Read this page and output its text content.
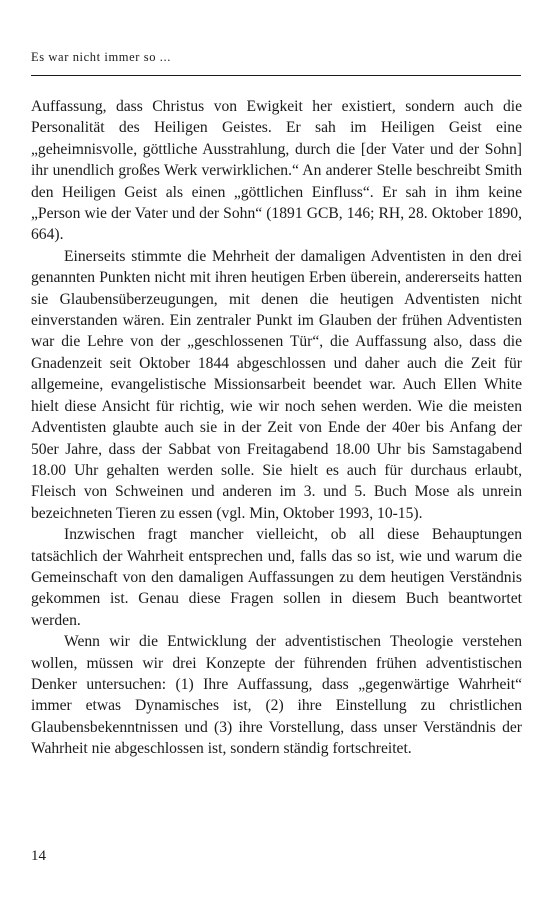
Es war nicht immer so ...

Auffassung, dass Christus von Ewigkeit her existiert, sondern auch die Personalität des Heiligen Geistes. Er sah im Heiligen Geist eine „geheimnisvolle, göttliche Ausstrahlung, durch die [der Vater und der Sohn] ihr unendlich großes Werk verwirklichen.“ An anderer Stelle beschreibt Smith den Heiligen Geist als einen „göttlichen Einfluss“. Er sah in ihm keine „Person wie der Vater und der Sohn“ (1891 GCB, 146; RH, 28. Oktober 1890, 664).

Einerseits stimmte die Mehrheit der damaligen Adventisten in den drei genannten Punkten nicht mit ihren heutigen Erben überein, andererseits hatten sie Glaubensüberzeugungen, mit denen die heutigen Adventisten nicht einverstanden wären. Ein zentraler Punkt im Glauben der frühen Adventisten war die Lehre von der „geschlossenen Tür“, die Auffassung also, dass die Gnadenzeit seit Oktober 1844 abgeschlossen und daher auch die Zeit für allgemeine, evangelistische Missionsarbeit beendet war. Auch Ellen White hielt diese Ansicht für richtig, wie wir noch sehen werden. Wie die meisten Adventisten glaubte auch sie in der Zeit von Ende der 40er bis Anfang der 50er Jahre, dass der Sabbat von Freitagabend 18.00 Uhr bis Samstagabend 18.00 Uhr gehalten werden solle. Sie hielt es auch für durchaus erlaubt, Fleisch von Schweinen und anderen im 3. und 5. Buch Mose als unrein bezeichneten Tieren zu essen (vgl. Min, Oktober 1993, 10-15).

Inzwischen fragt mancher vielleicht, ob all diese Behauptungen tatsächlich der Wahrheit entsprechen und, falls das so ist, wie und warum die Gemeinschaft von den damaligen Auffassungen zu dem heutigen Verständnis gekommen ist. Genau diese Fragen sollen in diesem Buch beantwortet werden.

Wenn wir die Entwicklung der adventistischen Theologie verstehen wollen, müssen wir drei Konzepte der führenden frühen adventistischen Denker untersuchen: (1) Ihre Auffassung, dass „gegenwärtige Wahrheit“ immer etwas Dynamisches ist, (2) ihre Einstellung zu christlichen Glaubensbekenntnissen und (3) ihre Vorstellung, dass unser Verständnis der Wahrheit nie abgeschlossen ist, sondern ständig fortschreitet.

14
